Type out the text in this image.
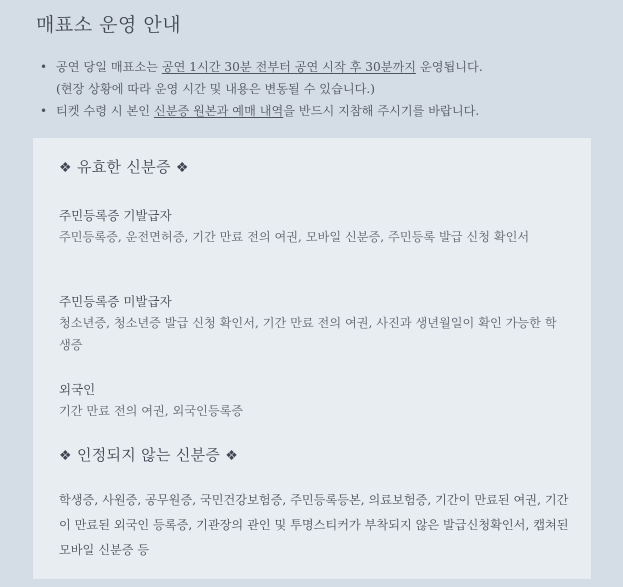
매표소 운영 안내
• 공연 당일 매표소는 공연 1시간 30분 전부터 공연 시작 후 30분까지 운영됩니다.
(현장 상황에 따라 운영 시간 및 내용은 변동될 수 있습니다.)
• 티켓 수령 시 본인 신분증 원본과 예매 내역을 반드시 지참해 주시기를 바랍니다.
❖ 유효한 신분증 ❖
주민등록증 기발급자
주민등록증, 운전면허증, 기간 만료 전의 여권, 모바일 신분증, 주민등록 발급 신청 확인서
주민등록증 미발급자
청소년증, 청소년증 발급 신청 확인서, 기간 만료 전의 여권, 사진과 생년월일이 확인 가능한 학생증
외국인
기간 만료 전의 여권, 외국인등록증
❖ 인정되지 않는 신분증 ❖
학생증, 사원증, 공무원증, 국민건강보험증, 주민등록등본, 의료보험증, 기간이 만료된 여권, 기간이 만료된 외국인 등록증, 기관장의 관인 및 투명스티커가 부착되지 않은 발급신청확인서, 캡쳐된 모바일 신분증 등
